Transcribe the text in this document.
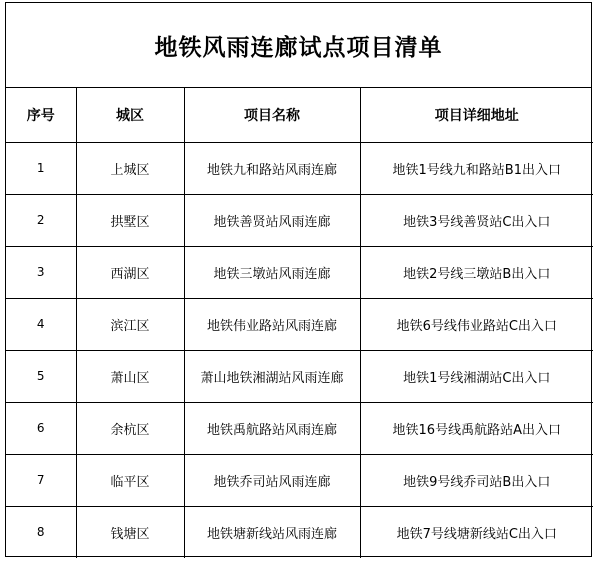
地铁风雨连廊试点项目清单
序号	城区	项目名称	项目详细地址
1	上城区	地铁九和路站风雨连廊	地铁1号线九和路站B1出入口
2	拱墅区	地铁善贤站风雨连廊	地铁3号线善贤站C出入口
3	西湖区	地铁三墩站风雨连廊	地铁2号线三墩站B出入口
4	滨江区	地铁伟业路站风雨连廊	地铁6号线伟业路站C出入口
5	萧山区	萧山地铁湘湖站风雨连廊	地铁1号线湘湖站C出入口
6	余杭区	地铁禹航路站风雨连廊	地铁16号线禹航路站A出入口
7	临平区	地铁乔司站风雨连廊	地铁9号线乔司站B出入口
8	钱塘区	地铁塘新线站风雨连廊	地铁7号线塘新线站C出入口
